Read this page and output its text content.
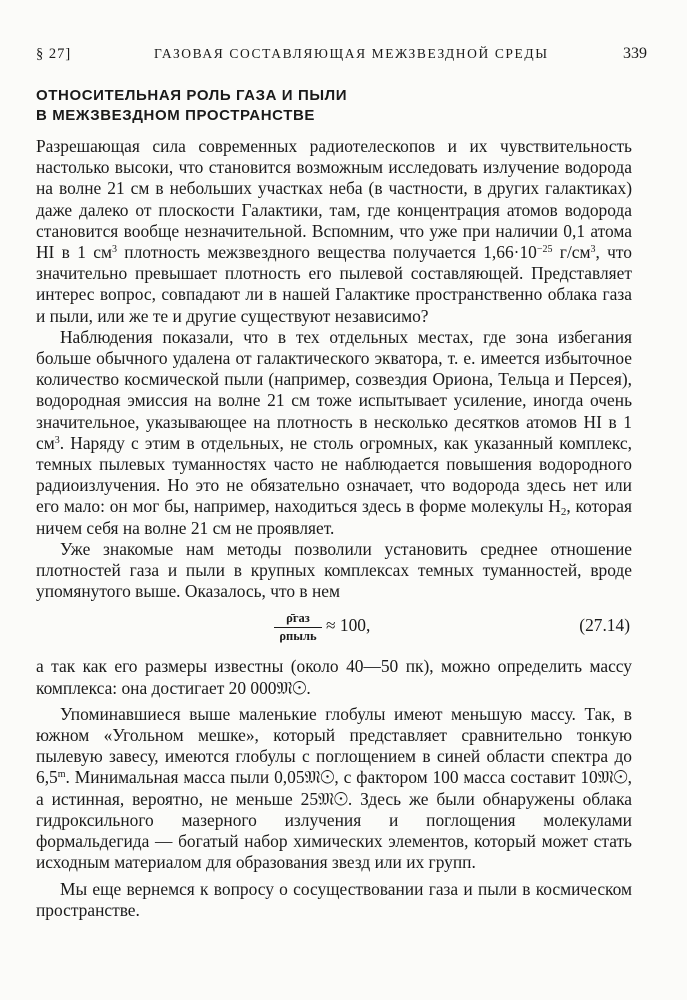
§ 27]	ГАЗОВАЯ СОСТАВЛЯЮЩАЯ МЕЖЗВЕЗДНОЙ СРЕДЫ	339
ОТНОСИТЕЛЬНАЯ РОЛЬ ГАЗА И ПЫЛИ
В МЕЖЗВЕЗДНОМ ПРОСТРАНСТВЕ

Разрешающая сила современных радиотелескопов и их чувствительность настолько высоки, что становится возможным исследовать излучение водорода на волне 21 см в небольших участках неба (в частности, в других галактиках) даже далеко от плоскости Галактики, там, где концентрация атомов водорода становится вообще незначительной. Вспомним, что уже при наличии 0,1 атома HI в 1 $см^3$ плотность межзвездного вещества получается $1,66\cdot 10^{-25}$ $г/см^3$, что значительно превышает плотность его пылевой составляющей. Представляет интерес вопрос, совпадают ли в нашей Галактике пространственно облака газа и пыли, или же те и другие существуют независимо?

Наблюдения показали, что в тех отдельных местах, где зона избегания больше обычного удалена от галактического экватора, т. е. имеется избыточное количество космической пыли (например, созвездия Ориона, Тельца и Персея), водородная эмиссия на волне 21 см тоже испытывает усиление, иногда очень значительное, указывающее на плотность в несколько десятков атомов HI в 1 $см^3$. Наряду с этим в отдельных, не столь огромных, как указанный комплекс, темных пылевых туманностях часто не наблюдается повышения водородного радиоизлучения. Но это не обязательно означает, что водорода здесь нет или его мало: он мог бы, например, находиться здесь в форме молекулы $H_2$, которая ничем себя на волне 21 см не проявляет.

Уже знакомые нам методы позволили установить среднее отношение плотностей газа и пыли в крупных комплексах темных туманностей, вроде упомянутого выше. Оказалось, что в нем

ρ̄газ
ρпыль
≈ 100,	(27.14)

а так как его размеры известны (около 40—50 пк), можно определить массу комплекса: она достигает 20 000𝔐☉.

Упоминавшиеся выше маленькие глобулы имеют меньшую массу. Так, в южном «Угольном мешке», который представляет сравнительно тонкую пылевую завесу, имеются глобулы с поглощением в синей области спектра до 6,5$^m$. Минимальная масса пыли 0,05𝔐☉, с фактором 100 масса составит 10𝔐☉, а истинная, вероятно, не меньше 25𝔐☉. Здесь же были обнаружены облака гидроксильного мазерного излучения и поглощения молекулами формальдегида — богатый набор химических элементов, который может стать исходным материалом для образования звезд или их групп.

Мы еще вернемся к вопросу о сосуществовании газа и пыли в космическом пространстве.
